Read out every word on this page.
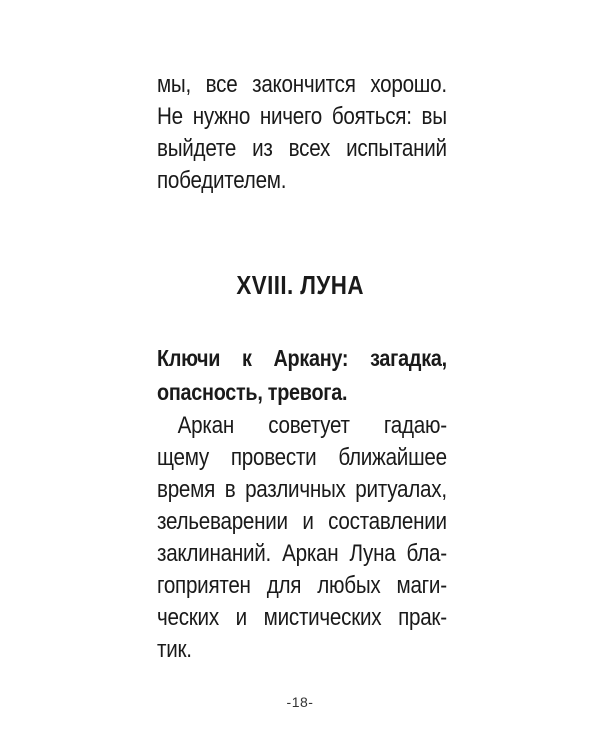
мы, все закончится хорошо.
Не нужно ничего бояться: вы
выйдете из всех испытаний
победителем.
XVIII. ЛУНА
Ключи к Аркану: загадка,
опасность, тревога.
Аркан советует гадаю-
щему провести ближайшее
время в различных ритуалах,
зельеварении и составлении
заклинаний. Аркан Луна бла-
гоприятен для любых маги-
ческих и мистических прак-
тик.
-18-
